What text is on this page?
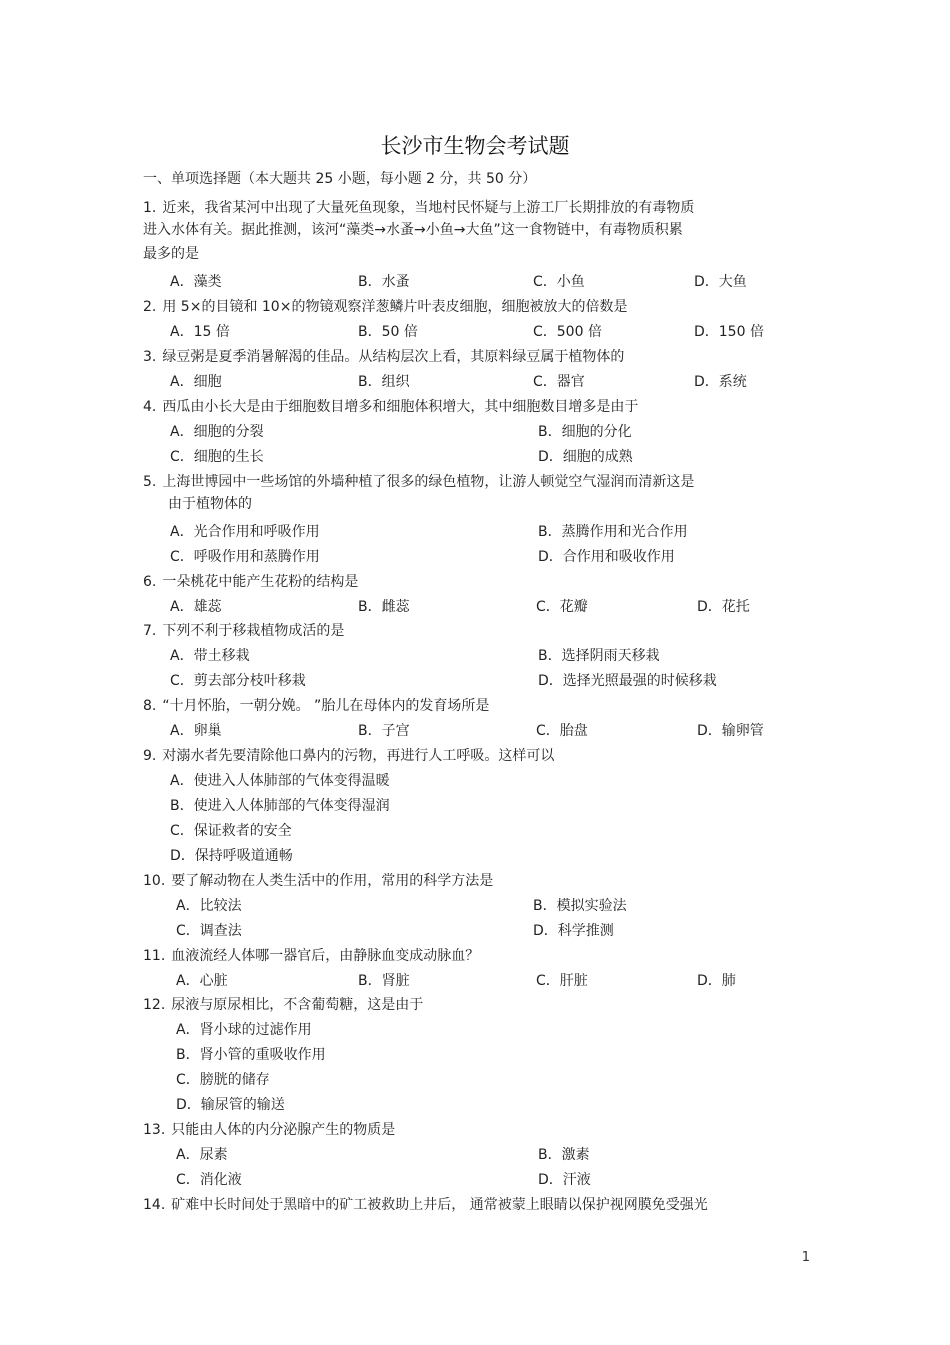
长沙市生物会考试题
一、单项选择题（本大题共 25 小题，每小题 2 分，共 50 分）
1. 近来，我省某河中出现了大量死鱼现象，当地村民怀疑与上游工厂长期排放的有毒物质
进入水体有关。据此推测，该河“藻类→水蚤→小鱼→大鱼”这一食物链中，有毒物质积累
最多的是
A．藻类	B．水蚤	C．小鱼	D．大鱼
2. 用 5×的目镜和 10×的物镜观察洋葱鳞片叶表皮细胞，细胞被放大的倍数是
A．15 倍	B．50 倍	C．500 倍	D．150 倍
3. 绿豆粥是夏季消暑解渴的佳品。从结构层次上看，其原料绿豆属于植物体的
A．细胞	B．组织	C．器官	D．系统
4. 西瓜由小长大是由于细胞数目增多和细胞体积增大，其中细胞数目增多是由于
A．细胞的分裂	B．细胞的分化
C．细胞的生长	D．细胞的成熟
5. 上海世博园中一些场馆的外墙种植了很多的绿色植物，让游人顿觉空气湿润而清新这是
由于植物体的
A．光合作用和呼吸作用	B．蒸腾作用和光合作用
C．呼吸作用和蒸腾作用	D．合作用和吸收作用
6. 一朵桃花中能产生花粉的结构是
A．雄蕊	B．雌蕊	C．花瓣	D．花托
7. 下列不利于移栽植物成活的是
A．带土移栽	B．选择阴雨天移栽
C．剪去部分枝叶移栽	D．选择光照最强的时候移栽
8. “十月怀胎，一朝分娩。 ”胎儿在母体内的发育场所是
A．卵巢	B．子宫	C．胎盘	D．输卵管
9. 对溺水者先要清除他口鼻内的污物，再进行人工呼吸。这样可以
A．使进入人体肺部的气体变得温暖
B．使进入人体肺部的气体变得湿润
C．保证救者的安全
D．保持呼吸道通畅
10. 要了解动物在人类生活中的作用，常用的科学方法是
A．比较法	B．模拟实验法
C．调查法	D．科学推测
11. 血液流经人体哪一器官后，由静脉血变成动脉血？
A．心脏	B．肾脏	C．肝脏	D．肺
12. 尿液与原尿相比，不含葡萄糖，这是由于
A．肾小球的过滤作用
B．肾小管的重吸收作用
C．膀胱的储存
D．输尿管的输送
13. 只能由人体的内分泌腺产生的物质是
A．尿素	B．激素
C．消化液	D．汗液
14. 矿难中长时间处于黑暗中的矿工被救助上井后， 通常被蒙上眼睛以保护视网膜免受强光
1
